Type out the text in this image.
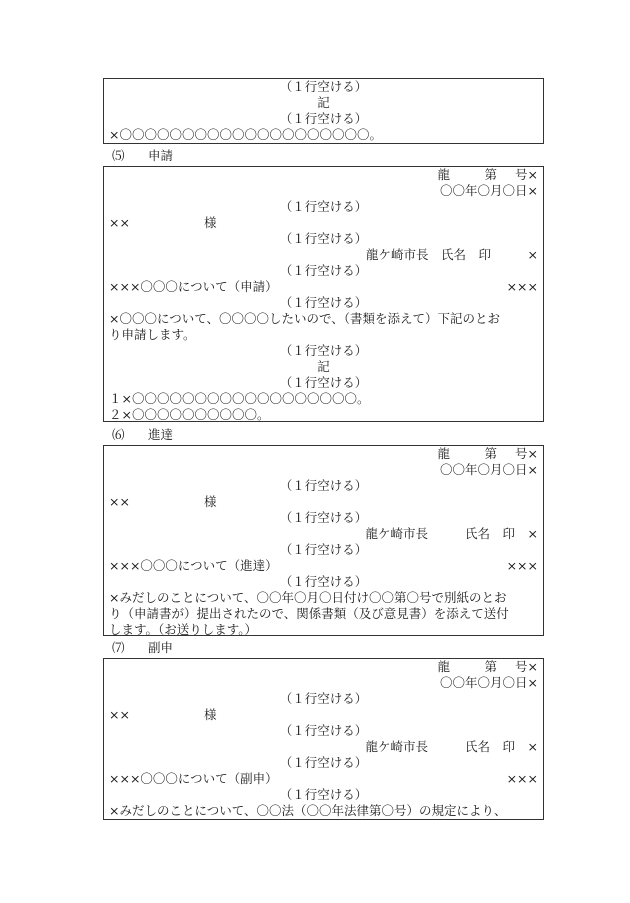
（１行空ける）
記
（１行空ける）
×〇〇〇〇〇〇〇〇〇〇〇〇〇〇〇〇〇〇〇〇。
⑸ 申請
龍	第 号×
〇〇年〇月〇日×
（１行空ける）
××	様
（１行空ける）
龍ケ崎市長　氏名　印	×
（１行空ける）
×××〇〇〇について（申請）	×××
（１行空ける）
×〇〇〇について、〇〇〇〇したいので、（書類を添えて）下記のとお
り申請します。
（１行空ける）
記
（１行空ける）
１×〇〇〇〇〇〇〇〇〇〇〇〇〇〇〇〇〇〇。
２×〇〇〇〇〇〇〇〇〇〇。
⑹ 進達
龍	第 号×
〇〇年〇月〇日×
（１行空ける）
××	様
（１行空ける）
龍ケ崎市長	氏名 印　×
（１行空ける）
×××〇〇〇について（進達）	×××
（１行空ける）
×みだしのことについて、〇〇年〇月〇日付け〇〇第〇号で別紙のとお
り（申請書が）提出されたので、関係書類（及び意見書）を添えて送付
します。（お送りします。）
⑺ 副申
龍	第 号×
〇〇年〇月〇日×
（１行空ける）
××	様
（１行空ける）
龍ケ崎市長	氏名 印　×
（１行空ける）
×××〇〇〇について（副申）	×××
（１行空ける）
×みだしのことについて、〇〇法（〇〇年法律第〇号）の規定により、
